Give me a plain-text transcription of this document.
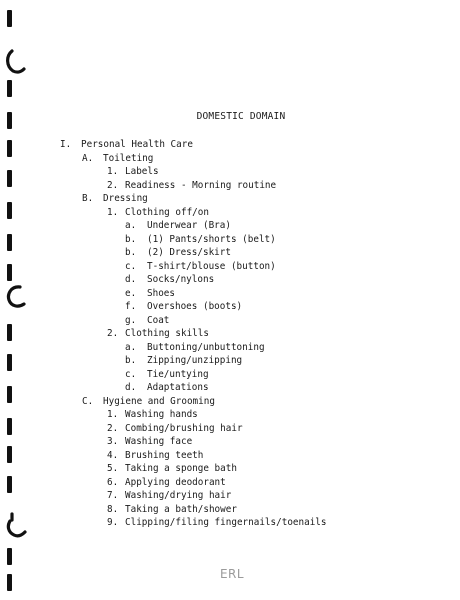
DOMESTIC DOMAIN
I. Personal Health Care
A. Toileting
1. Labels
2. Readiness - Morning routine
B. Dressing
1. Clothing off/on
a. Underwear (Bra)
b. (1) Pants/shorts (belt)
b. (2) Dress/skirt
c. T-shirt/blouse (button)
d. Socks/nylons
e. Shoes
f. Overshoes (boots)
g. Coat
2. Clothing skills
a. Buttoning/unbuttoning
b. Zipping/unzipping
c. Tie/untying
d. Adaptations
C. Hygiene and Grooming
1. Washing hands
2. Combing/brushing hair
3. Washing face
4. Brushing teeth
5. Taking a sponge bath
6. Applying deodorant
7. Washing/drying hair
8. Taking a bath/shower
9. Clipping/filing fingernails/toenails
ERL
